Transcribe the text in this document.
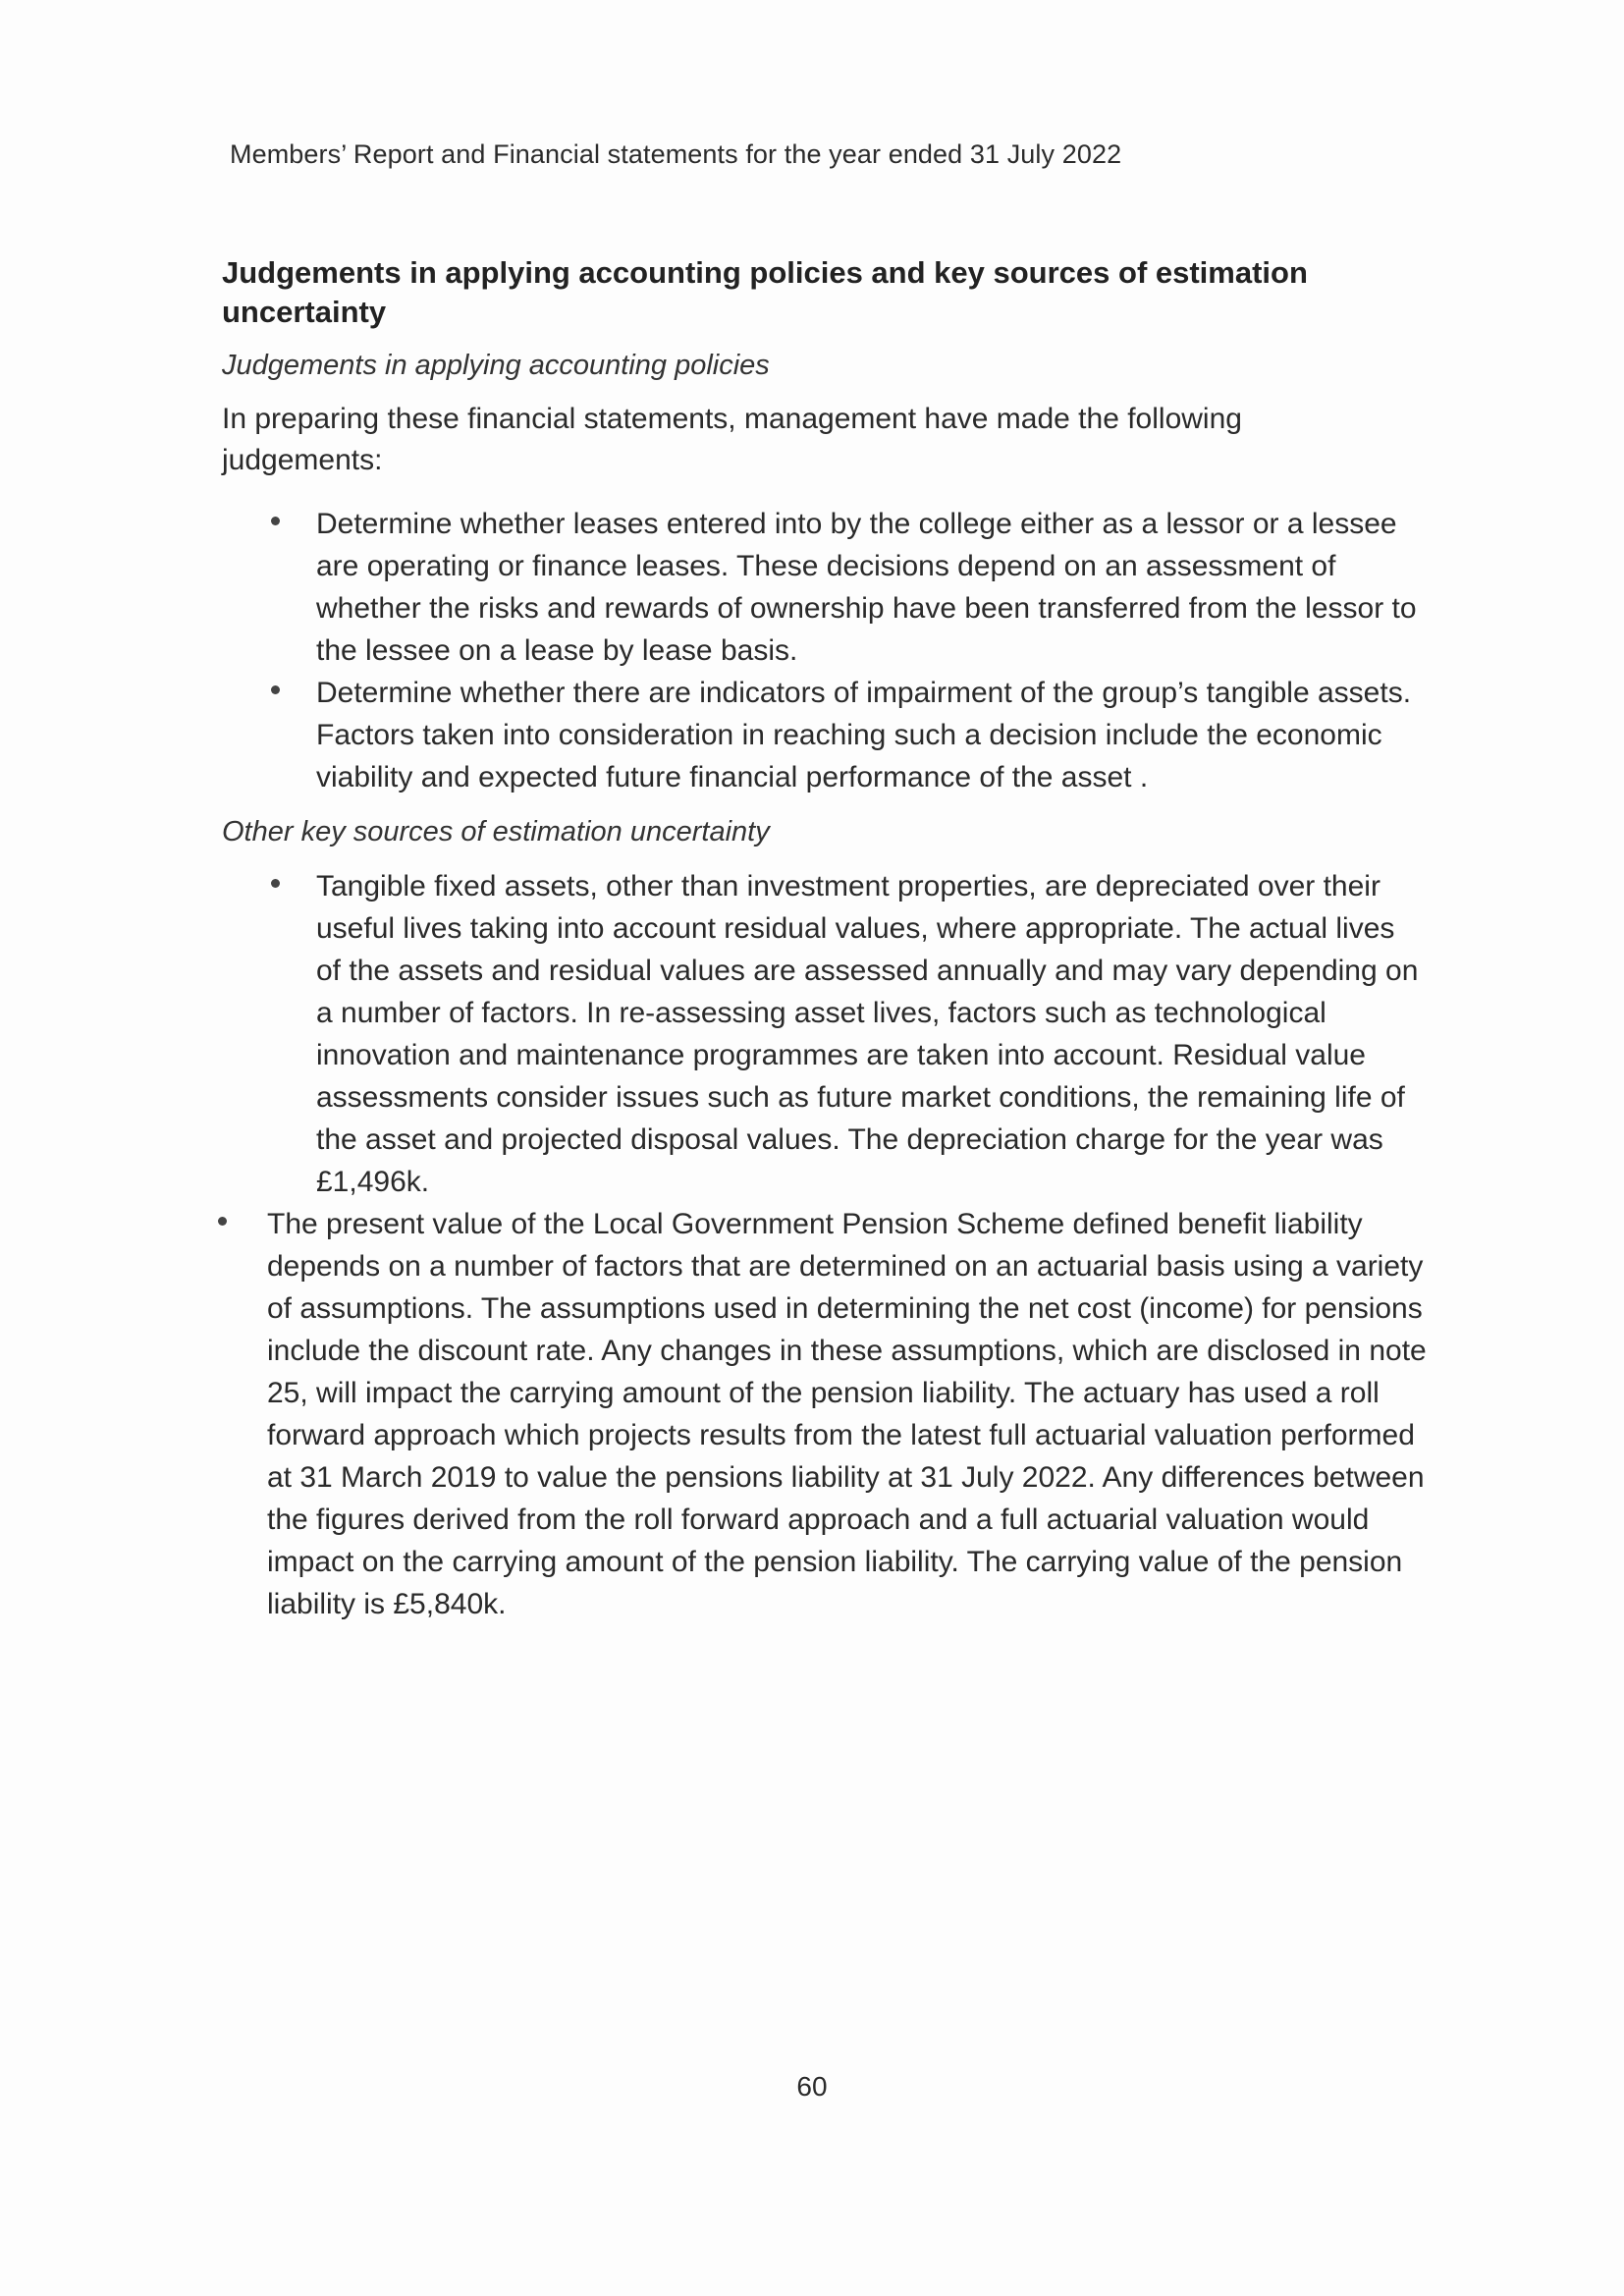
Members’ Report and Financial statements for the year ended 31 July 2022
Judgements in applying accounting policies and key sources of estimation uncertainty
Judgements in applying accounting policies

In preparing these financial statements, management have made the following judgements:

Determine whether leases entered into by the college either as a lessor or a lessee are operating or finance leases. These decisions depend on an assessment of whether the risks and rewards of ownership have been transferred from the lessor to the lessee on a lease by lease basis.
Determine whether there are indicators of impairment of the group’s tangible assets. Factors taken into consideration in reaching such a decision include the economic viability and expected future financial performance of the asset .
Other key sources of estimation uncertainty
Tangible fixed assets, other than investment properties, are depreciated over their useful lives taking into account residual values, where appropriate. The actual lives of the assets and residual values are assessed annually and may vary depending on a number of factors. In re-assessing asset lives, factors such as technological innovation and maintenance programmes are taken into account. Residual value assessments consider issues such as future market conditions, the remaining life of the asset and projected disposal values. The depreciation charge for the year was £1,496k.
The present value of the Local Government Pension Scheme defined benefit liability depends on a number of factors that are determined on an actuarial basis using a variety of assumptions. The assumptions used in determining the net cost (income) for pensions include the discount rate. Any changes in these assumptions, which are disclosed in note 25, will impact the carrying amount of the pension liability. The actuary has used a roll forward approach which projects results from the latest full actuarial valuation performed at 31 March 2019 to value the pensions liability at 31 July 2022. Any differences between the figures derived from the roll forward approach and a full actuarial valuation would impact on the carrying amount of the pension liability. The carrying value of the pension liability is £5,840k.
60
